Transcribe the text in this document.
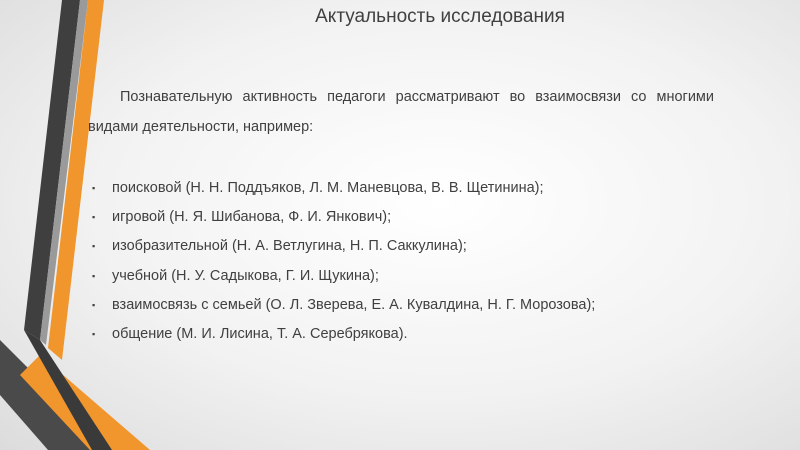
Актуальность исследования

Познавательную активность педагоги рассматривают во взаимосвязи со многими видами деятельности, например:

▪ поисковой (Н. Н. Поддъяков, Л. М. Маневцова, В. В. Щетинина);
▪ игровой (Н. Я. Шибанова, Ф. И. Янкович);
▪ изобразительной (Н. А. Ветлугина, Н. П. Саккулина);
▪ учебной (Н. У. Садыкова, Г. И. Щукина);
▪ взаимосвязь с семьей (О. Л. Зверева, Е. А. Кувалдина, Н. Г. Морозова);
▪ общение (М. И. Лисина, Т. А. Серебрякова).
